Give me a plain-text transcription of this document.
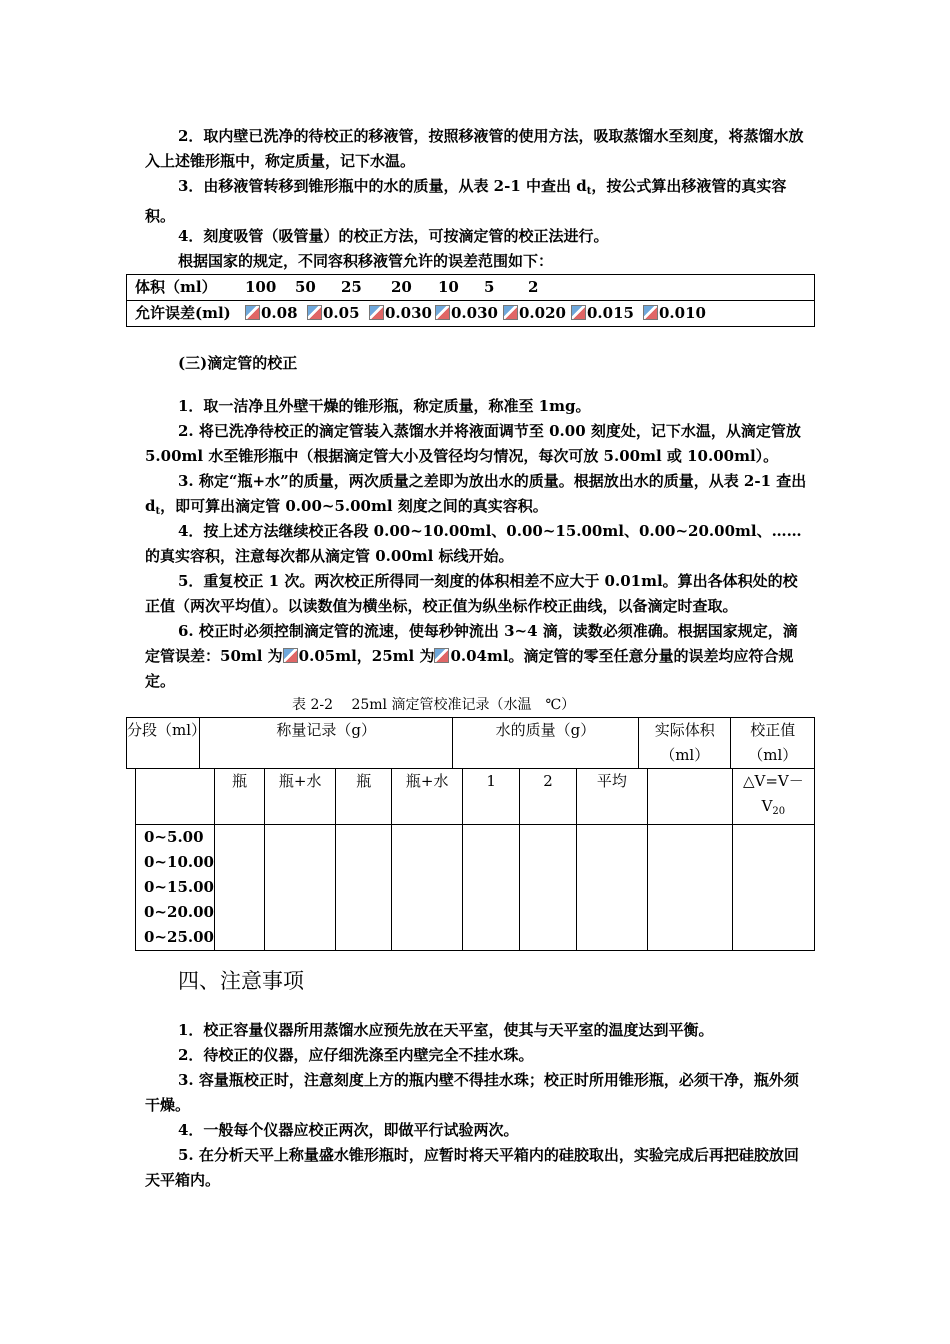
2．取内壁已洗净的待校正的移液管，按照移液管的使用方法，吸取蒸馏水至刻度，将蒸馏水放入上述锥形瓶中，称定质量，记下水温。

3．由移液管转移到锥形瓶中的水的质量，从表 2-1 中查出 $d_t$，按公式算出移液管的真实容积。

4．刻度吸管（吸管量）的校正方法，可按滴定管的校正法进行。

根据国家的规定，不同容积移液管允许的误差范围如下：

体积（ml） 100 50 25 20 10 5 2
允许误差(ml) 0.08 0.05 0.030 0.030 0.020 0.015 0.010

(三)滴定管的校正

1．取一洁净且外壁干燥的锥形瓶，称定质量，称准至 1mg。

2. 将已洗净待校正的滴定管装入蒸馏水并将液面调节至 0.00 刻度处，记下水温，从滴定管放 5.00ml 水至锥形瓶中（根据滴定管大小及管径均匀情况，每次可放 5.00ml 或 10.00ml）。

3. 称定“瓶+水”的质量，两次质量之差即为放出水的质量。根据放出水的质量，从表 2-1 查出 $d_t$，即可算出滴定管 0.00~5.00ml 刻度之间的真实容积。

4．按上述方法继续校正各段 0.00~10.00ml、0.00~15.00ml、0.00~20.00ml、……的真实容积，注意每次都从滴定管 0.00ml 标线开始。

5．重复校正 1 次。两次校正所得同一刻度的体积相差不应大于 0.01ml。算出各体积处的校正值（两次平均值）。以读数值为横坐标，校正值为纵坐标作校正曲线，以备滴定时查取。

6. 校正时必须控制滴定管的流速，使每秒钟流出 3~4 滴，读数必须准确。根据国家规定，滴定管误差：50ml 为 0.05ml，25ml 为 0.04ml。滴定管的零至任意分量的误差均应符合规定。

表 2-2　 25ml 滴定管校准记录（水温　℃）

分段（ml）	称量记录（g）	水的质量（g）	实际体积（ml）	校正值（ml）
	瓶	瓶+水	瓶	瓶+水	1	2	平均		$\triangle V=V-V_{20}$

0~5.00
0~10.00
0~15.00
0~20.00
0~25.00									

四、注意事项

1．校正容量仪器所用蒸馏水应预先放在天平室，使其与天平室的温度达到平衡。

2．待校正的仪器，应仔细洗涤至内壁完全不挂水珠。

3. 容量瓶校正时，注意刻度上方的瓶内壁不得挂水珠；校正时所用锥形瓶，必须干净，瓶外须干燥。

4．一般每个仪器应校正两次，即做平行试验两次。

5. 在分析天平上称量盛水锥形瓶时，应暂时将天平箱内的硅胶取出，实验完成后再把硅胶放回天平箱内。
